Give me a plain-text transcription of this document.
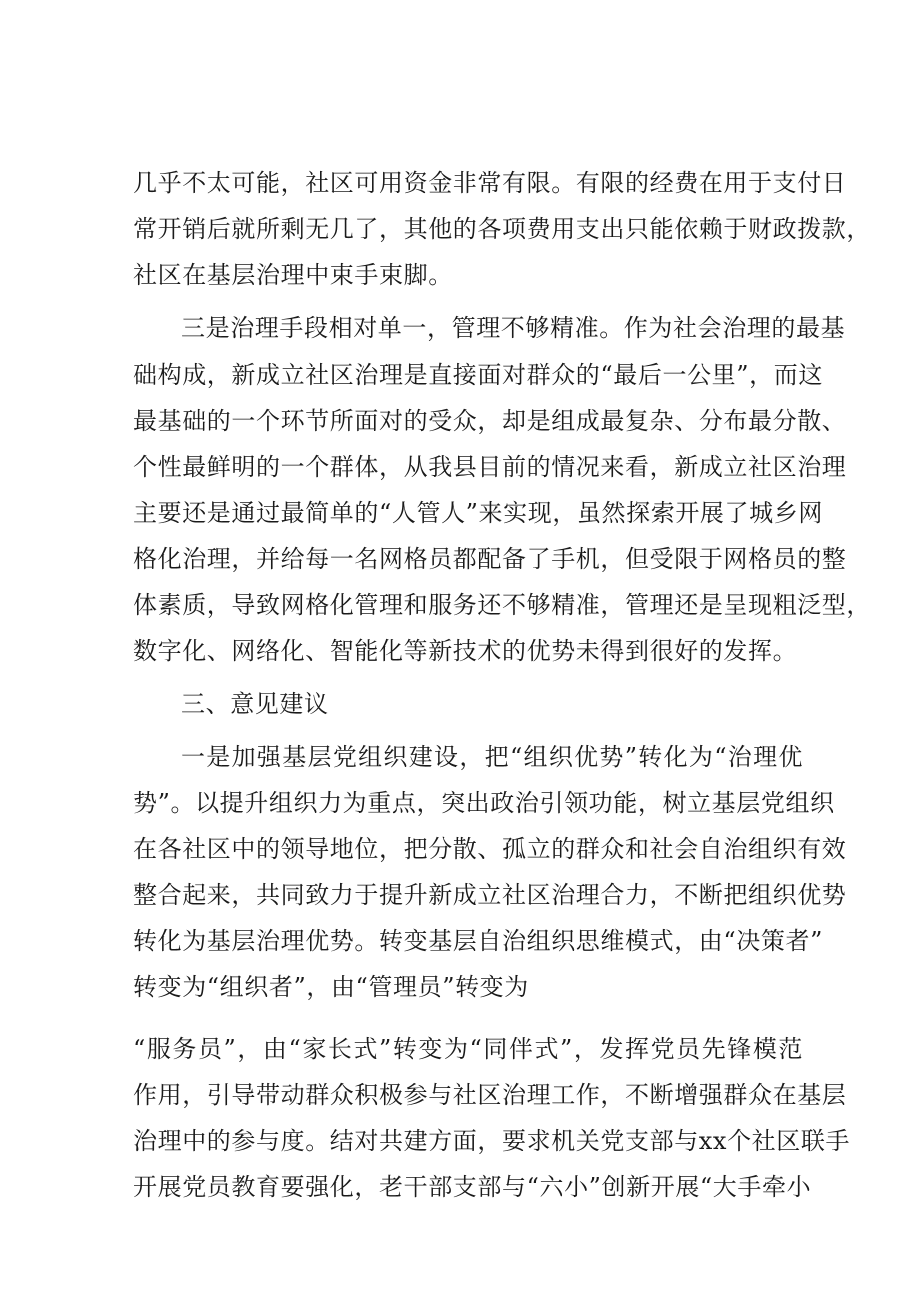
几乎不太可能，社区可用资金非常有限。有限的经费在用于支付日
常开销后就所剩无几了，其他的各项费用支出只能依赖于财政拨款，
社区在基层治理中束手束脚。
三是治理手段相对单一，管理不够精准。作为社会治理的最基
础构成，新成立社区治理是直接面对群众的“最后一公里”，而这
最基础的一个环节所面对的受众，却是组成最复杂、分布最分散、
个性最鲜明的一个群体，从我县目前的情况来看，新成立社区治理
主要还是通过最简单的“人管人”来实现，虽然探索开展了城乡网
格化治理，并给每一名网格员都配备了手机，但受限于网格员的整
体素质，导致网格化管理和服务还不够精准，管理还是呈现粗泛型，
数字化、网络化、智能化等新技术的优势未得到很好的发挥。
三、意见建议
一是加强基层党组织建设，把“组织优势”转化为“治理优
势”。以提升组织力为重点，突出政治引领功能，树立基层党组织
在各社区中的领导地位，把分散、孤立的群众和社会自治组织有效
整合起来，共同致力于提升新成立社区治理合力，不断把组织优势
转化为基层治理优势。转变基层自治组织思维模式，由“决策者”
转变为“组织者”，由“管理员”转变为
“服务员”，由“家长式”转变为“同伴式”，发挥党员先锋模范
作用，引导带动群众积极参与社区治理工作，不断增强群众在基层
治理中的参与度。结对共建方面，要求机关党支部与xx个社区联手
开展党员教育要强化，老干部支部与“六小”创新开展“大手牵小
